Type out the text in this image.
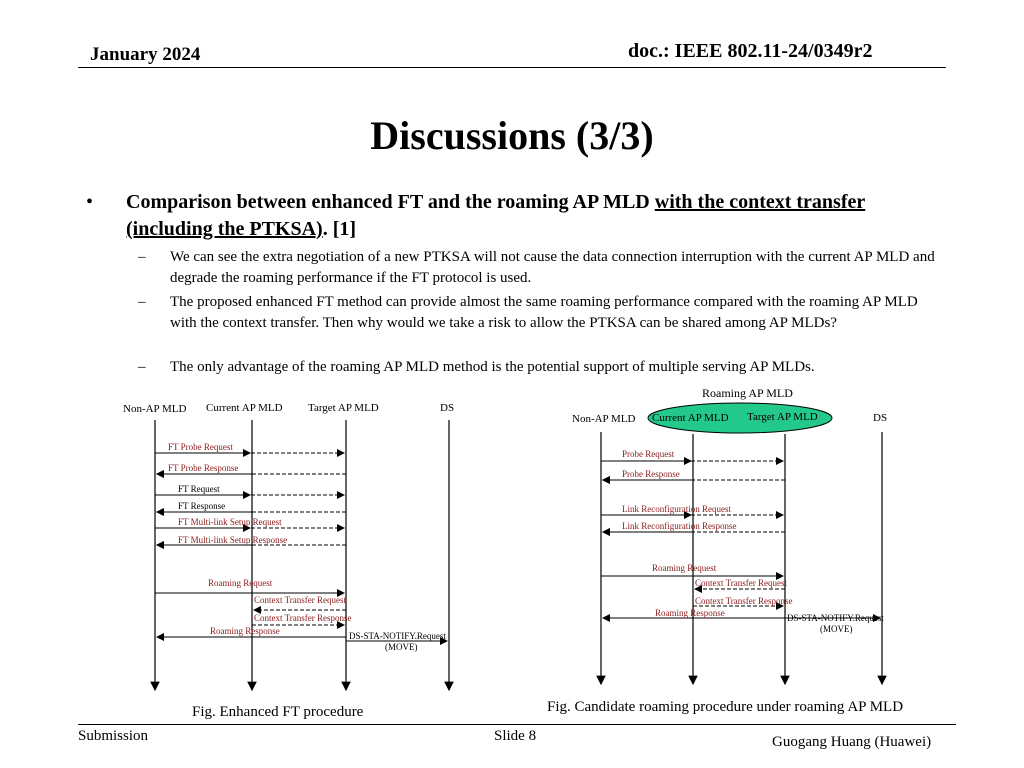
January 2024	doc.: IEEE 802.11-24/0349r2
Discussions (3/3)
• Comparison between enhanced FT and the roaming AP MLD with the context transfer (including the PTKSA). [1]
– We can see the extra negotiation of a new PTKSA will not cause the data connection interruption with the current AP MLD and degrade the roaming performance if the FT protocol is used.
– The proposed enhanced FT method can provide almost the same roaming performance compared with the roaming AP MLD with the context transfer. Then why would we take a risk to allow the PTKSA can be shared among AP MLDs?
– The only advantage of the roaming AP MLD method is the potential support of multiple serving AP MLDs.
Non-AP MLD Current AP MLD Target AP MLD	DS
FT Probe Request
FT Probe Response
FT Request
FT Response
FT Multi-link Setup Request
FT Multi-link Setup Response
Roaming Request
Context Transfer Request
Context Transfer Response
Roaming Response	DS-STA-NOTIFY.Request
(MOVE)
Roaming AP MLD
Non-AP MLD Current AP MLD Target AP MLD	DS
Probe Request
Probe Response
Link Reconfiguration Request
Link Reconfiguration Response
Roaming Request
Context Transfer Request
Context Transfer Response
Roaming Response	DS-STA-NOTIFY.Request
(MOVE)
Fig. Enhanced FT procedure	Fig. Candidate roaming procedure under roaming AP MLD
Submission	Slide 8	Guogang Huang (Huawei)
